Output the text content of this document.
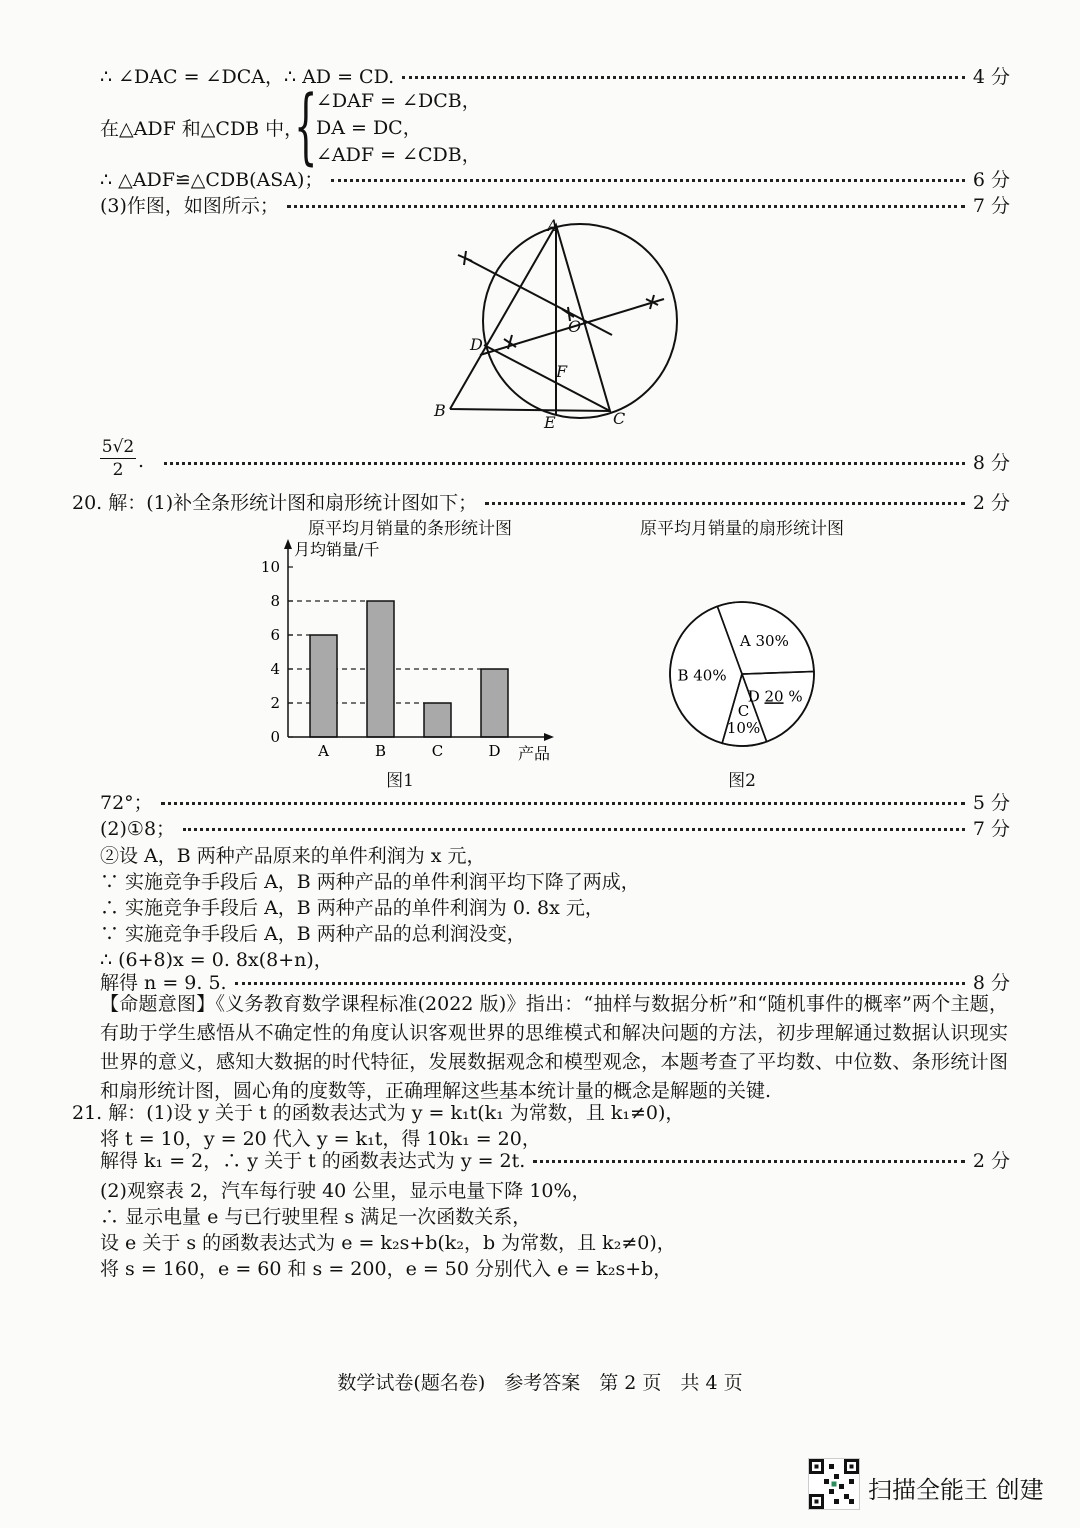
∴ ∠DAC = ∠DCA，∴ AD = CD.	4 分
在△ADF 和△CDB 中，
{
∠DAF = ∠DCB，
DA = DC，
∠ADF = ∠CDB，
∴ △ADF≌△CDB(ASA)；	6 分
(3)作图，如图所示；	7 分
A
O
D
F
B
E	C
5√2
2 .	8 分
20. 解：(1)补全条形统计图和扇形统计图如下；	2 分
原平均月销量的条形统计图	原平均月销量的扇形统计图
A	B	C	D
0
2
4
6
8
10
月均销量/千
产品
图1
A 30%
D 20 %
C
10%
B 40%
图2
72°；	5 分
(2)①8；	7 分
②设 A，B 两种产品原来的单件利润为 x 元，
∵ 实施竞争手段后 A，B 两种产品的单件利润平均下降了两成，
∴ 实施竞争手段后 A，B 两种产品的单件利润为 0. 8x 元，
∵ 实施竞争手段后 A，B 两种产品的总利润没变，
∴ (6+8)x = 0. 8x(8+n)，
解得 n = 9. 5.	8 分
【命题意图】《义务教育数学课程标准(2022 版)》指出：“抽样与数据分析”和“随机事件的概率”两个主题，有助于学生感悟从不确定性的角度认识客观世界的思维模式和解决问题的方法，初步理解通过数据认识现实世界的意义，感知大数据的时代特征，发展数据观念和模型观念，本题考查了平均数、中位数、条形统计图和扇形统计图，圆心角的度数等，正确理解这些基本统计量的概念是解题的关键.
21. 解：(1)设 y 关于 t 的函数表达式为 y = k₁t(k₁ 为常数，且 k₁≠0)，
将 t = 10，y = 20 代入 y = k₁t，得 10k₁ = 20，
解得 k₁ = 2，∴ y 关于 t 的函数表达式为 y = 2t.	2 分
(2)观察表 2，汽车每行驶 40 公里，显示电量下降 10%，
∴ 显示电量 e 与已行驶里程 s 满足一次函数关系，
设 e 关于 s 的函数表达式为 e = k₂s+b(k₂，b 为常数，且 k₂≠0)，
将 s = 160，e = 60 和 s = 200，e = 50 分别代入 e = k₂s+b，
数学试卷(题名卷)　参考答案　第 2 页　共 4 页
扫描全能王 创建
